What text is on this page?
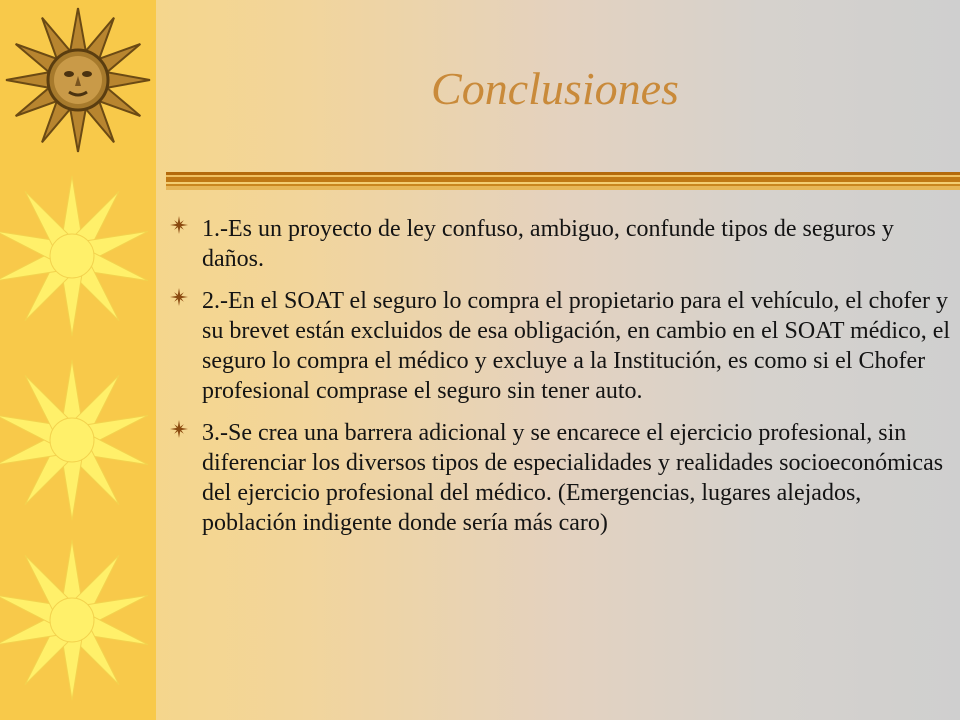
Conclusiones
1.-Es un proyecto de ley confuso, ambiguo, confunde tipos de seguros y daños.
2.-En el SOAT el seguro lo compra el propietario para el vehículo, el chofer y su brevet están excluidos de esa obligación, en cambio en el SOAT médico, el seguro lo compra el médico y excluye a la Institución, es como si el Chofer profesional comprase el seguro sin tener auto.
3.-Se crea una barrera adicional y se encarece el ejercicio profesional, sin diferenciar los diversos tipos de especialidades y realidades socioeconómicas del ejercicio profesional del médico. (Emergencias, lugares alejados, población indigente donde sería más caro)
